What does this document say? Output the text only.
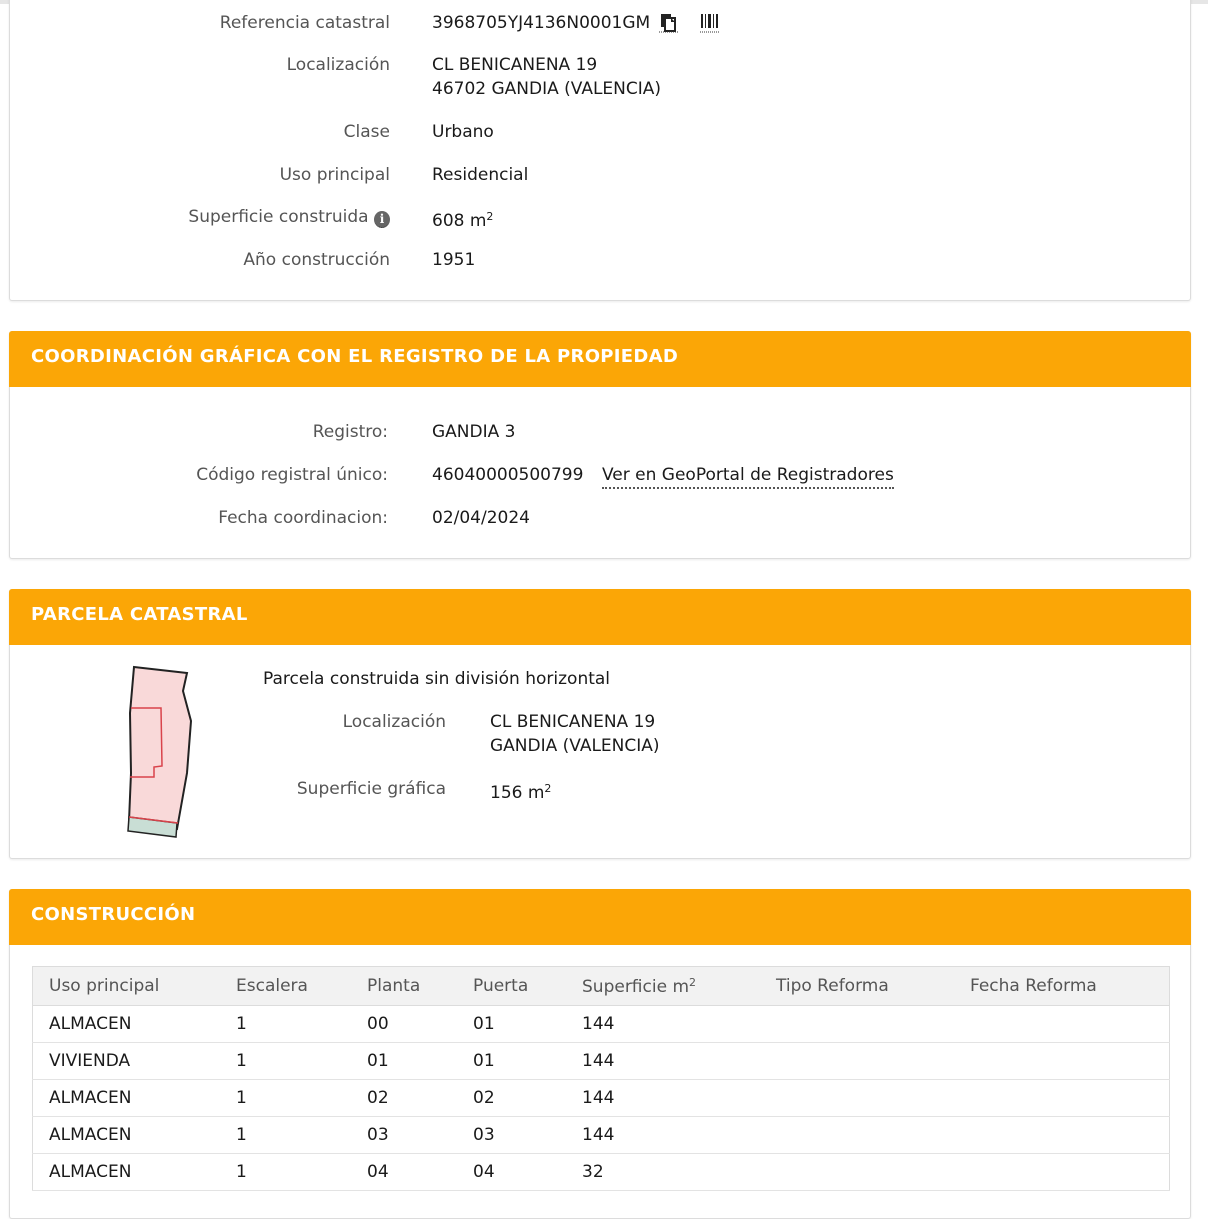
Referencia catastral 3968705YJ4136N0001GM
Localización CL BENICANENA 19
46702 GANDIA (VALENCIA)
Clase Urbano
Uso principal Residencial
Superficie construida i	608 $m^2$
Año construcción 1951
COORDINACIÓN GRÁFICA CON EL REGISTRO DE LA PROPIEDAD
Registro:	GANDIA 3
Código registral único:	46040000500799 Ver en GeoPortal de Registradores
Fecha coordinacion:	02/04/2024
PARCELA CATASTRAL
Parcela construida sin división horizontal
Localización	CL BENICANENA 19
GANDIA (VALENCIA)
Superficie gráfica	156 $m^2$
CONSTRUCCIÓN
Uso principal	Escalera	Planta	Puerta	Superficie $m^2$	Tipo Reforma	Fecha Reforma
ALMACEN	1	00	01	144		
VIVIENDA	1	01	01	144		
ALMACEN	1	02	02	144		
ALMACEN	1	03	03	144		
ALMACEN	1	04	04	32		
